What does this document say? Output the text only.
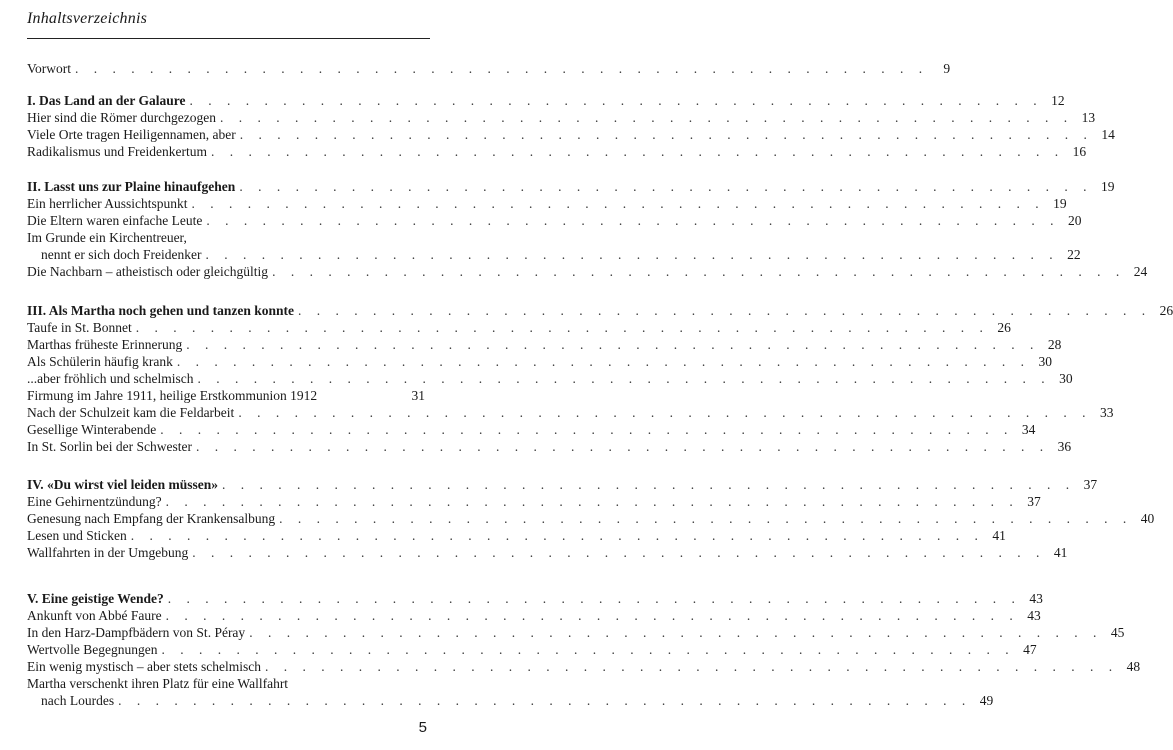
Inhaltsverzeichnis
Vorwort . . . . . . . . . . . . . . . . . . . . . . . . . . . . . . . . . . . . . . . . . . . . . .	9
I. Das Land an der Galaure . . . . . . . . . . . . . . . . . . . . . . . . . . . . . . . . . . . . . . . . . . . . . . 12
Hier sind die Römer durchgezogen . . . . . . . . . . . . . . . . . . . . . . . . . . . . . . . . . . . . . . . . . . . . . . 13
Viele Orte tragen Heiligennamen, aber . . . . . . . . . . . . . . . . . . . . . . . . . . . . . . . . . . . . . . . . . . . . . . 14
Radikalismus und Freidenkertum . . . . . . . . . . . . . . . . . . . . . . . . . . . . . . . . . . . . . . . . . . . . . . 16
II. Lasst uns zur Plaine hinaufgehen . . . . . . . . . . . . . . . . . . . . . . . . . . . . . . . . . . . . . . . . . . . . . . 19
Ein herrlicher Aussichtspunkt . . . . . . . . . . . . . . . . . . . . . . . . . . . . . . . . . . . . . . . . . . . . . . 19
Die Eltern waren einfache Leute . . . . . . . . . . . . . . . . . . . . . . . . . . . . . . . . . . . . . . . . . . . . . . 20
Im Grunde ein Kirchentreuer,
nennt er sich doch Freidenker . . . . . . . . . . . . . . . . . . . . . . . . . . . . . . . . . . . . . . . . . . . . . . 22
Die Nachbarn – atheistisch oder gleichgültig . . . . . . . . . . . . . . . . . . . . . . . . . . . . . . . . . . . . . . . . . . . . . . 24
III. Als Martha noch gehen und tanzen konnte . . . . . . . . . . . . . . . . . . . . . . . . . . . . . . . . . . . . . . . . . . . . . . 26
Taufe in St. Bonnet . . . . . . . . . . . . . . . . . . . . . . . . . . . . . . . . . . . . . . . . . . . . . . 26
Marthas früheste Erinnerung . . . . . . . . . . . . . . . . . . . . . . . . . . . . . . . . . . . . . . . . . . . . . . 28
Als Schülerin häufig krank . . . . . . . . . . . . . . . . . . . . . . . . . . . . . . . . . . . . . . . . . . . . . . 30
...aber fröhlich und schelmisch . . . . . . . . . . . . . . . . . . . . . . . . . . . . . . . . . . . . . . . . . . . . . . 30
Firmung im Jahre 1911, heilige Erstkommunion 1912	31
Nach der Schulzeit kam die Feldarbeit . . . . . . . . . . . . . . . . . . . . . . . . . . . . . . . . . . . . . . . . . . . . . . 33
Gesellige Winterabende . . . . . . . . . . . . . . . . . . . . . . . . . . . . . . . . . . . . . . . . . . . . . . 34
In St. Sorlin bei der Schwester . . . . . . . . . . . . . . . . . . . . . . . . . . . . . . . . . . . . . . . . . . . . . . 36
IV. «Du wirst viel leiden müssen» . . . . . . . . . . . . . . . . . . . . . . . . . . . . . . . . . . . . . . . . . . . . . . 37
Eine Gehirnentzündung? . . . . . . . . . . . . . . . . . . . . . . . . . . . . . . . . . . . . . . . . . . . . . . 37
Genesung nach Empfang der Krankensalbung . . . . . . . . . . . . . . . . . . . . . . . . . . . . . . . . . . . . . . . . . . . . . . 40
Lesen und Sticken . . . . . . . . . . . . . . . . . . . . . . . . . . . . . . . . . . . . . . . . . . . . . . 41
Wallfahrten in der Umgebung . . . . . . . . . . . . . . . . . . . . . . . . . . . . . . . . . . . . . . . . . . . . . . 41
V. Eine geistige Wende? . . . . . . . . . . . . . . . . . . . . . . . . . . . . . . . . . . . . . . . . . . . . . . 43
Ankunft von Abbé Faure . . . . . . . . . . . . . . . . . . . . . . . . . . . . . . . . . . . . . . . . . . . . . . 43
In den Harz-Dampfbädern von St. Péray . . . . . . . . . . . . . . . . . . . . . . . . . . . . . . . . . . . . . . . . . . . . . . 45
Wertvolle Begegnungen . . . . . . . . . . . . . . . . . . . . . . . . . . . . . . . . . . . . . . . . . . . . . . 47
Ein wenig mystisch – aber stets schelmisch . . . . . . . . . . . . . . . . . . . . . . . . . . . . . . . . . . . . . . . . . . . . . . 48
Martha verschenkt ihren Platz für eine Wallfahrt
nach Lourdes . . . . . . . . . . . . . . . . . . . . . . . . . . . . . . . . . . . . . . . . . . . . . . 49
5
